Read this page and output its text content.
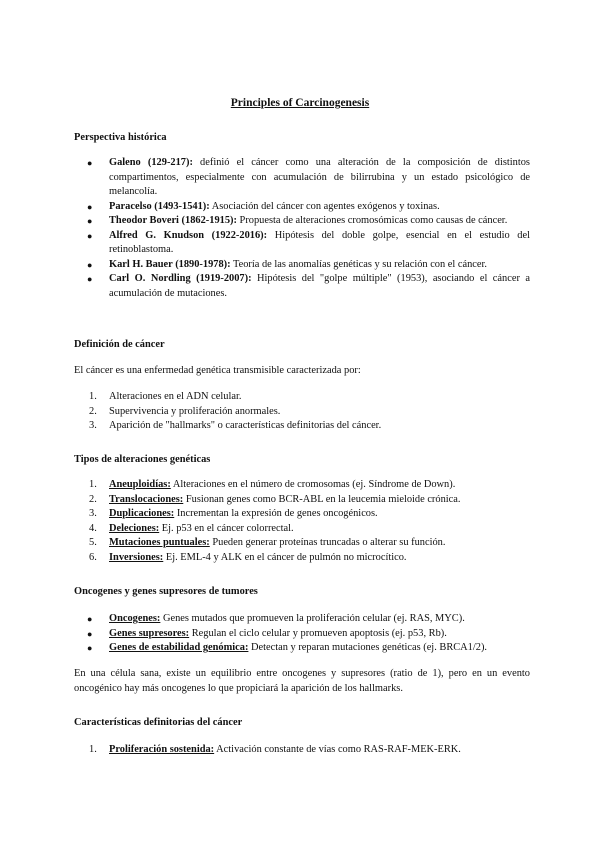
Principles of Carcinogenesis
Perspectiva histórica
● Galeno (129-217): definió el cáncer como una alteración de la composición de distintos compartimentos, especialmente con acumulación de bilirrubina y un estado psicológico de melancolía.
● Paracelso (1493-1541): Asociación del cáncer con agentes exógenos y toxinas.
● Theodor Boveri (1862-1915): Propuesta de alteraciones cromosómicas como causas de cáncer.
● Alfred G. Knudson (1922-2016): Hipótesis del doble golpe, esencial en el estudio del retinoblastoma.
● Karl H. Bauer (1890-1978): Teoría de las anomalías genéticas y su relación con el cáncer.
● Carl O. Nordling (1919-2007): Hipótesis del "golpe múltiple" (1953), asociando el cáncer a acumulación de mutaciones.
Definición de cáncer

El cáncer es una enfermedad genética transmisible caracterizada por:

1. Alteraciones en el ADN celular.
2. Supervivencia y proliferación anormales.
3. Aparición de "hallmarks" o características definitorias del cáncer.
Tipos de alteraciones genéticas
1. Aneuploidías: Alteraciones en el número de cromosomas (ej. Síndrome de Down).
2. Translocaciones: Fusionan genes como BCR-ABL en la leucemia mieloide crónica.
3. Duplicaciones: Incrementan la expresión de genes oncogénicos.
4. Deleciones: Ej. p53 en el cáncer colorrectal.
5. Mutaciones puntuales: Pueden generar proteínas truncadas o alterar su función.
6. Inversiones: Ej. EML-4 y ALK en el cáncer de pulmón no microcítico.
Oncogenes y genes supresores de tumores
● Oncogenes: Genes mutados que promueven la proliferación celular (ej. RAS, MYC).
● Genes supresores: Regulan el ciclo celular y promueven apoptosis (ej. p53, Rb).
● Genes de estabilidad genómica: Detectan y reparan mutaciones genéticas (ej. BRCA1/2).

En una célula sana, existe un equilibrio entre oncogenes y supresores (ratio de 1), pero en un evento oncogénico hay más oncogenes lo que propiciará la aparición de los hallmarks.

Características definitorias del cáncer
1. Proliferación sostenida: Activación constante de vías como RAS-RAF-MEK-ERK.
